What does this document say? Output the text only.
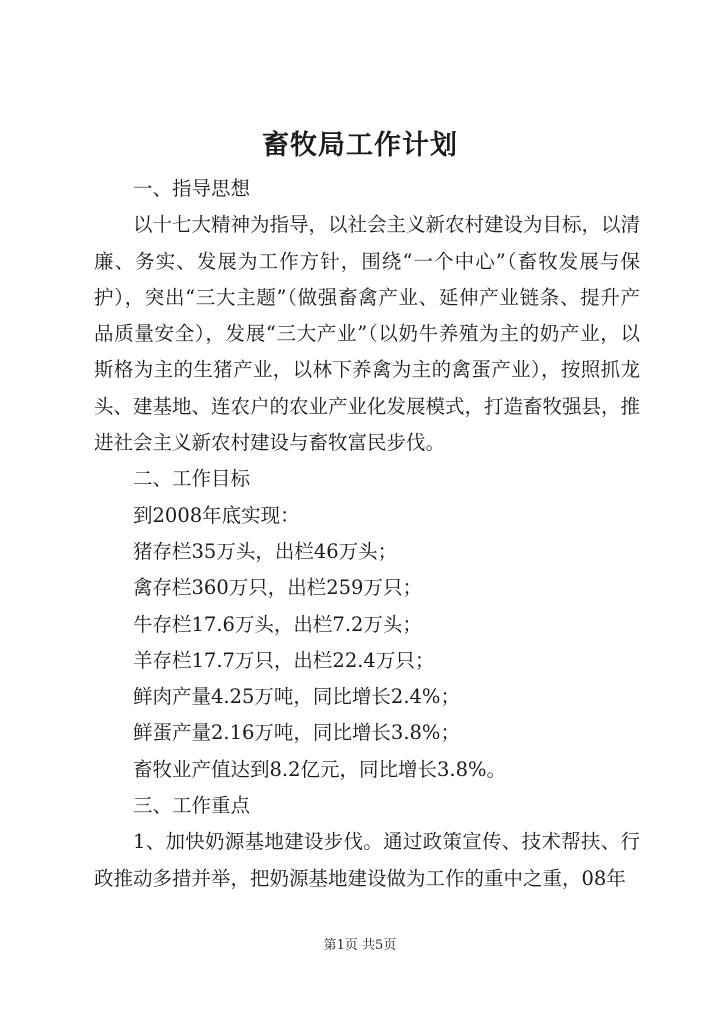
畜牧局工作计划

一、指导思想

以十七大精神为指导，以社会主义新农村建设为目标，以清廉、务实、发展为工作方针，围绕“一个中心”（畜牧发展与保护），突出“三大主题”（做强畜禽产业、延伸产业链条、提升产品质量安全），发展“三大产业”（以奶牛养殖为主的奶产业，以斯格为主的生猪产业，以林下养禽为主的禽蛋产业），按照抓龙头、建基地、连农户的农业产业化发展模式，打造畜牧强县，推进社会主义新农村建设与畜牧富民步伐。

二、工作目标

到2008年底实现：

猪存栏35万头，出栏46万头；

禽存栏360万只，出栏259万只；

牛存栏17.6万头，出栏7.2万头；

羊存栏17.7万只，出栏22.4万只；

鲜肉产量4.25万吨，同比增长2.4%；

鲜蛋产量2.16万吨，同比增长3.8%；

畜牧业产值达到8.2亿元，同比增长3.8%。

三、工作重点

1、加快奶源基地建设步伐。通过政策宣传、技术帮扶、行政推动多措并举，把奶源基地建设做为工作的重中之重，08年

第1页 共5页
